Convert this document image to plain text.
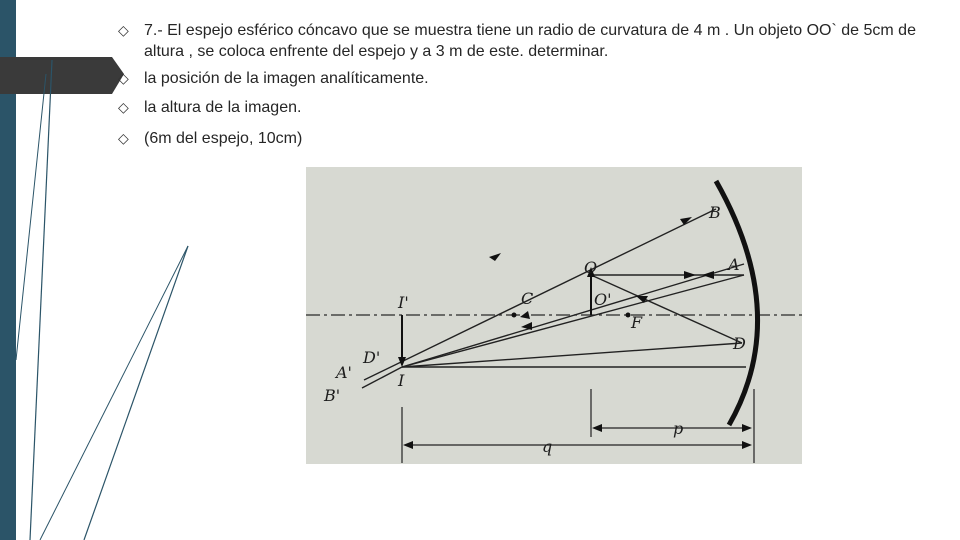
◇ 7.- El espejo esférico cóncavo que se muestra tiene un radio de curvatura de 4 m . Un objeto OO` de 5cm de altura , se coloca enfrente del espejo y a 3 m de este. determinar.
◇ la posición de la imagen analíticamente.
◇ la altura de la imagen.
◇ (6m del espejo, 10cm)
B
A
O
O'
C
F
D
I'
D'
A'	I
B'
p
q
